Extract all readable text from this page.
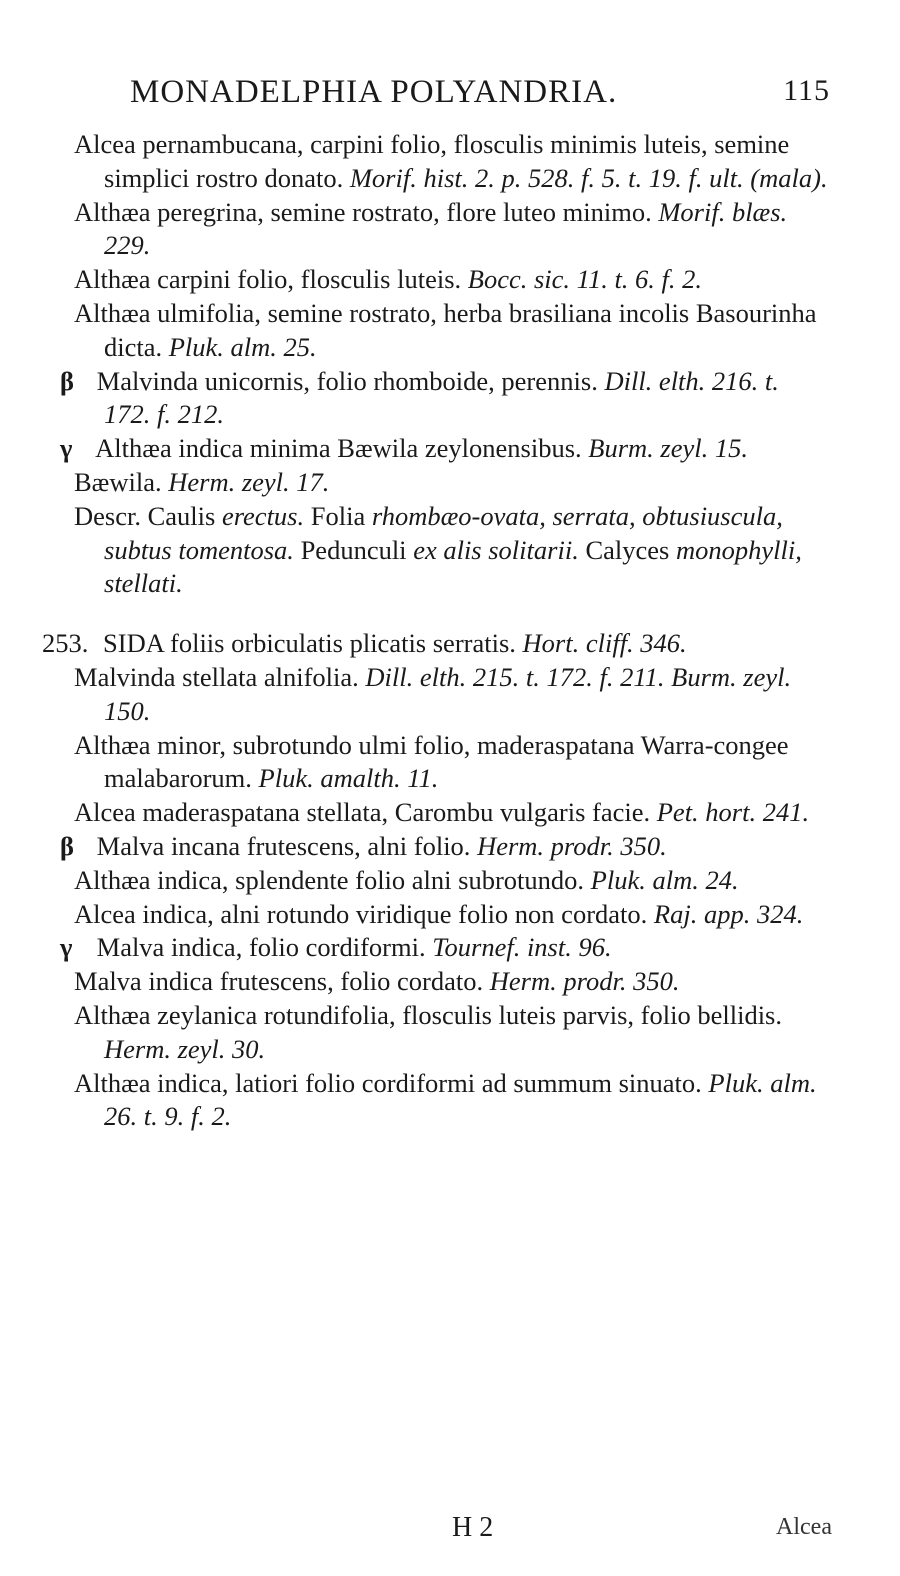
MONADELPHIA POLYANDRIA.	115

Alcea pernambucana, carpini folio, flosculis minimis luteis, semine simplici rostro donato. Morif. hist. 2. p. 528. f. 5. t. 19. f. ult. (mala).

Althæa peregrina, semine rostrato, flore luteo minimo. Morif. blæs. 229.

Althæa carpini folio, flosculis luteis. Bocc. sic. 11. t. 6. f. 2.

Althæa ulmifolia, semine rostrato, herba brasiliana incolis Basourinha dicta. Pluk. alm. 25.

β Malvinda unicornis, folio rhomboide, perennis. Dill. elth. 216. t. 172. f. 212.

γ Althæa indica minima Bæwila zeylonensibus. Burm. zeyl. 15.

Bæwila. Herm. zeyl. 17.

Descr. Caulis erectus. Folia rhombæo-ovata, serrata, obtusiuscula, subtus tomentosa. Pedunculi ex alis solitarii. Calyces monophylli, stellati.

253. SIDA foliis orbiculatis plicatis serratis. Hort. cliff. 346.

Malvinda stellata alnifolia. Dill. elth. 215. t. 172. f. 211. Burm. zeyl. 150.

Althæa minor, subrotundo ulmi folio, maderaspatana Warra-congee malabarorum. Pluk. amalth. 11.

Alcea maderaspatana stellata, Carombu vulgaris facie. Pet. hort. 241.

β Malva incana frutescens, alni folio. Herm. prodr. 350.

Althæa indica, splendente folio alni subrotundo. Pluk. alm. 24.

Alcea indica, alni rotundo viridique folio non cordato. Raj. app. 324.

γ Malva indica, folio cordiformi. Tournef. inst. 96.

Malva indica frutescens, folio cordato. Herm. prodr. 350.

Althæa zeylanica rotundifolia, flosculis luteis parvis, folio bellidis. Herm. zeyl. 30.

Althæa indica, latiori folio cordiformi ad summum sinuato. Pluk. alm. 26. t. 9. f. 2.

H 2	Alcea
